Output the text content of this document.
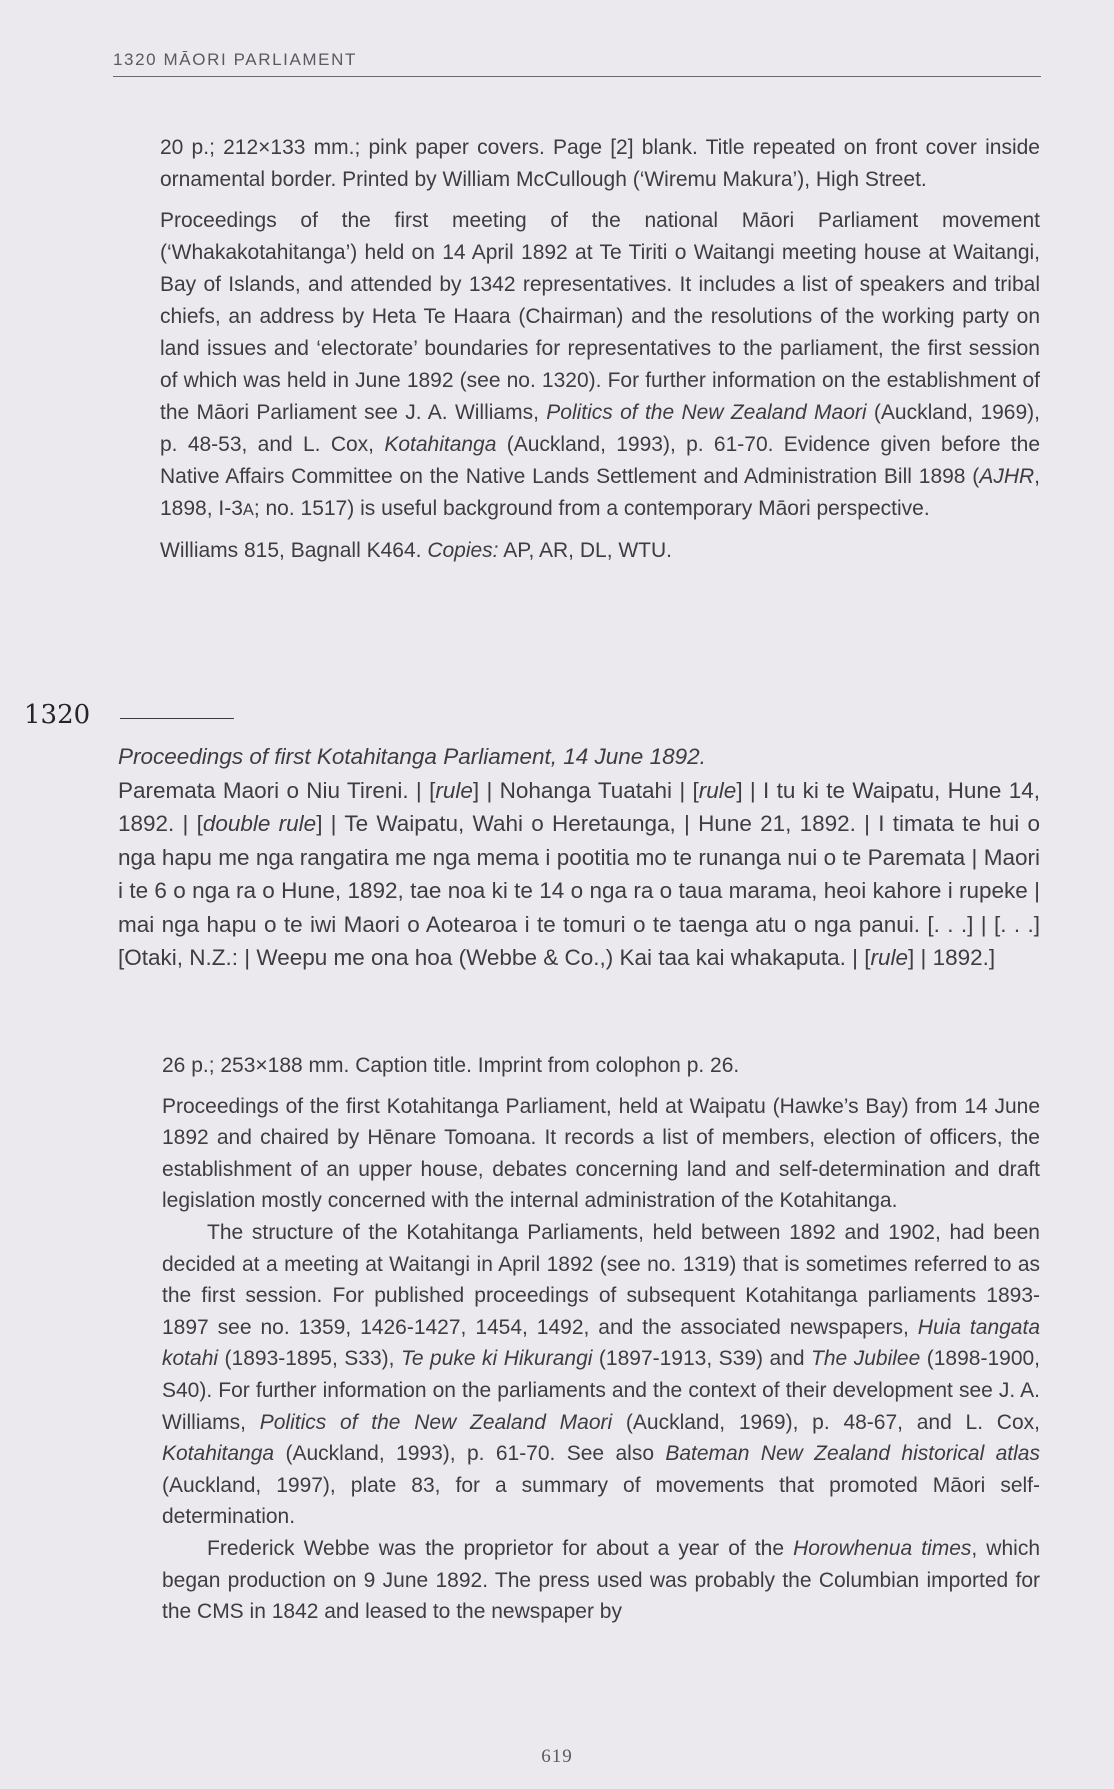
1320 MĀORI PARLIAMENT

20 p.; 212×133 mm.; pink paper covers. Page [2] blank. Title repeated on front cover inside ornamental border. Printed by William McCullough (‘Wiremu Makura’), High Street.

Proceedings of the first meeting of the national Māori Parliament movement (‘Whakakotahitanga’) held on 14 April 1892 at Te Tiriti o Waitangi meeting house at Waitangi, Bay of Islands, and attended by 1342 representatives. It includes a list of speakers and tribal chiefs, an address by Heta Te Haara (Chairman) and the resolutions of the working party on land issues and ‘electorate’ boundaries for representatives to the parliament, the first session of which was held in June 1892 (see no. 1320). For further information on the establishment of the Māori Parliament see J. A. Williams, Politics of the New Zealand Maori (Auckland, 1969), p. 48-53, and L. Cox, Kotahitanga (Auckland, 1993), p. 61-70. Evidence given before the Native Affairs Committee on the Native Lands Settlement and Administration Bill 1898 (AJHR, 1898, I-3A; no. 1517) is useful background from a contemporary Māori perspective.

Williams 815, Bagnall K464. Copies: AP, AR, DL, WTU.

1320

Proceedings of first Kotahitanga Parliament, 14 June 1892.

Paremata Maori o Niu Tireni. | [rule] | Nohanga Tuatahi | [rule] | I tu ki te Waipatu, Hune 14, 1892. | [double rule] | Te Waipatu, Wahi o Heretaunga, | Hune 21, 1892. | I timata te hui o nga hapu me nga rangatira me nga mema i pootitia mo te runanga nui o te Paremata | Maori i te 6 o nga ra o Hune, 1892, tae noa ki te 14 o nga ra o taua marama, heoi kahore i rupeke | mai nga hapu o te iwi Maori o Aotearoa i te tomuri o te taenga atu o nga panui. [. . .] | [. . .] [Otaki, N.Z.: | Weepu me ona hoa (Webbe & Co.,) Kai taa kai whakaputa. | [rule] | 1892.]

26 p.; 253×188 mm. Caption title. Imprint from colophon p. 26.

Proceedings of the first Kotahitanga Parliament, held at Waipatu (Hawke’s Bay) from 14 June 1892 and chaired by Hēnare Tomoana. It records a list of members, election of officers, the establishment of an upper house, debates concerning land and self-determination and draft legislation mostly concerned with the internal administration of the Kotahitanga.

The structure of the Kotahitanga Parliaments, held between 1892 and 1902, had been decided at a meeting at Waitangi in April 1892 (see no. 1319) that is sometimes referred to as the first session. For published proceedings of subsequent Kotahitanga parliaments 1893-1897 see no. 1359, 1426-1427, 1454, 1492, and the associated newspapers, Huia tangata kotahi (1893-1895, S33), Te puke ki Hikurangi (1897-1913, S39) and The Jubilee (1898-1900, S40). For further information on the parliaments and the context of their development see J. A. Williams, Politics of the New Zealand Maori (Auckland, 1969), p. 48-67, and L. Cox, Kotahitanga (Auckland, 1993), p. 61-70. See also Bateman New Zealand historical atlas (Auckland, 1997), plate 83, for a summary of movements that promoted Māori self-determination.

Frederick Webbe was the proprietor for about a year of the Horowhenua times, which began production on 9 June 1892. The press used was probably the Columbian imported for the CMS in 1842 and leased to the newspaper by

619
